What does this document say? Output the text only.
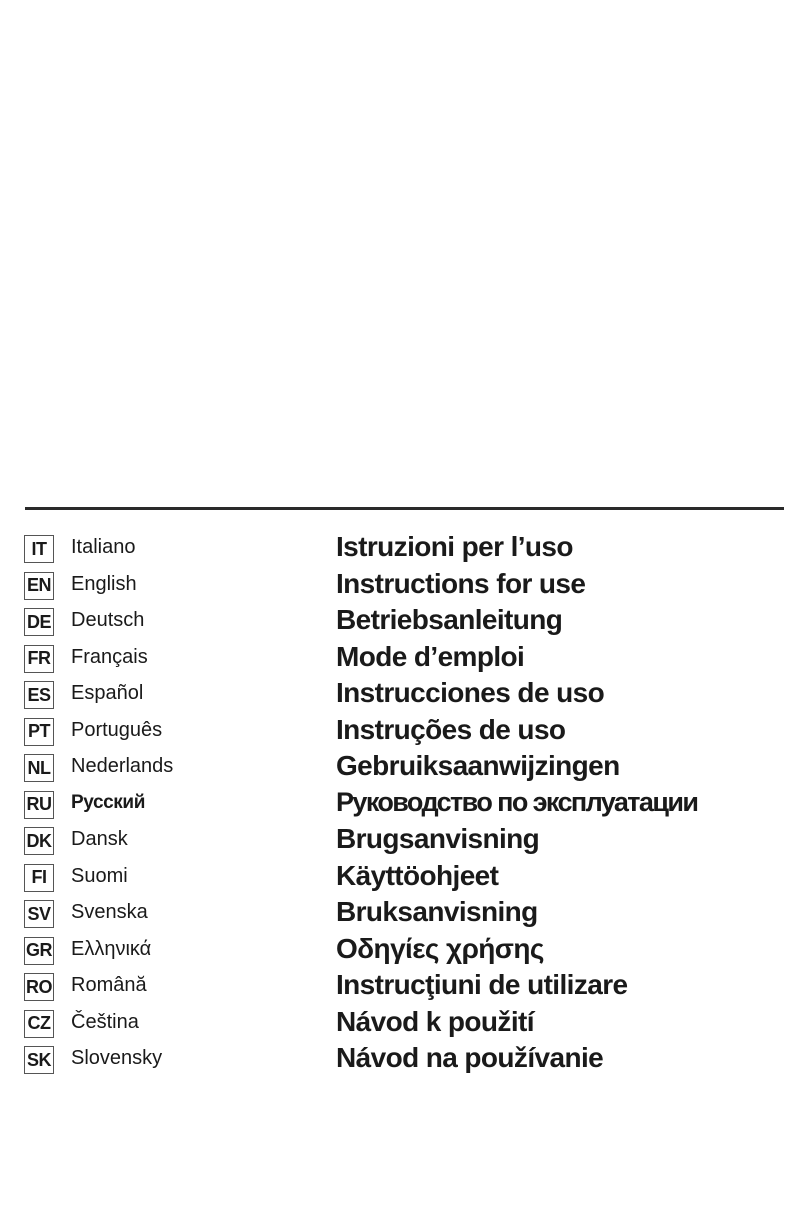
IT	Italiano	Istruzioni per l’uso
EN English	Instructions for use
DE Deutsch	Betriebsanleitung
FR Français	Mode d’emploi
ES Español	Instrucciones de uso
PT Português	Instruções de uso
NL Nederlands	Gebruiksaanwijzingen
RU Русский	Руководство по эксплуатации
DK Dansk	Brugsanvisning
FI	Suomi	Käyttöohjeet
SV Svenska	Bruksanvisning
GR Ελληνικά	Οδηγίες χρήσης
RO Română	Instrucţiuni de utilizare
CZ Čeština	Návod k použití
SK Slovensky	Návod na používanie
